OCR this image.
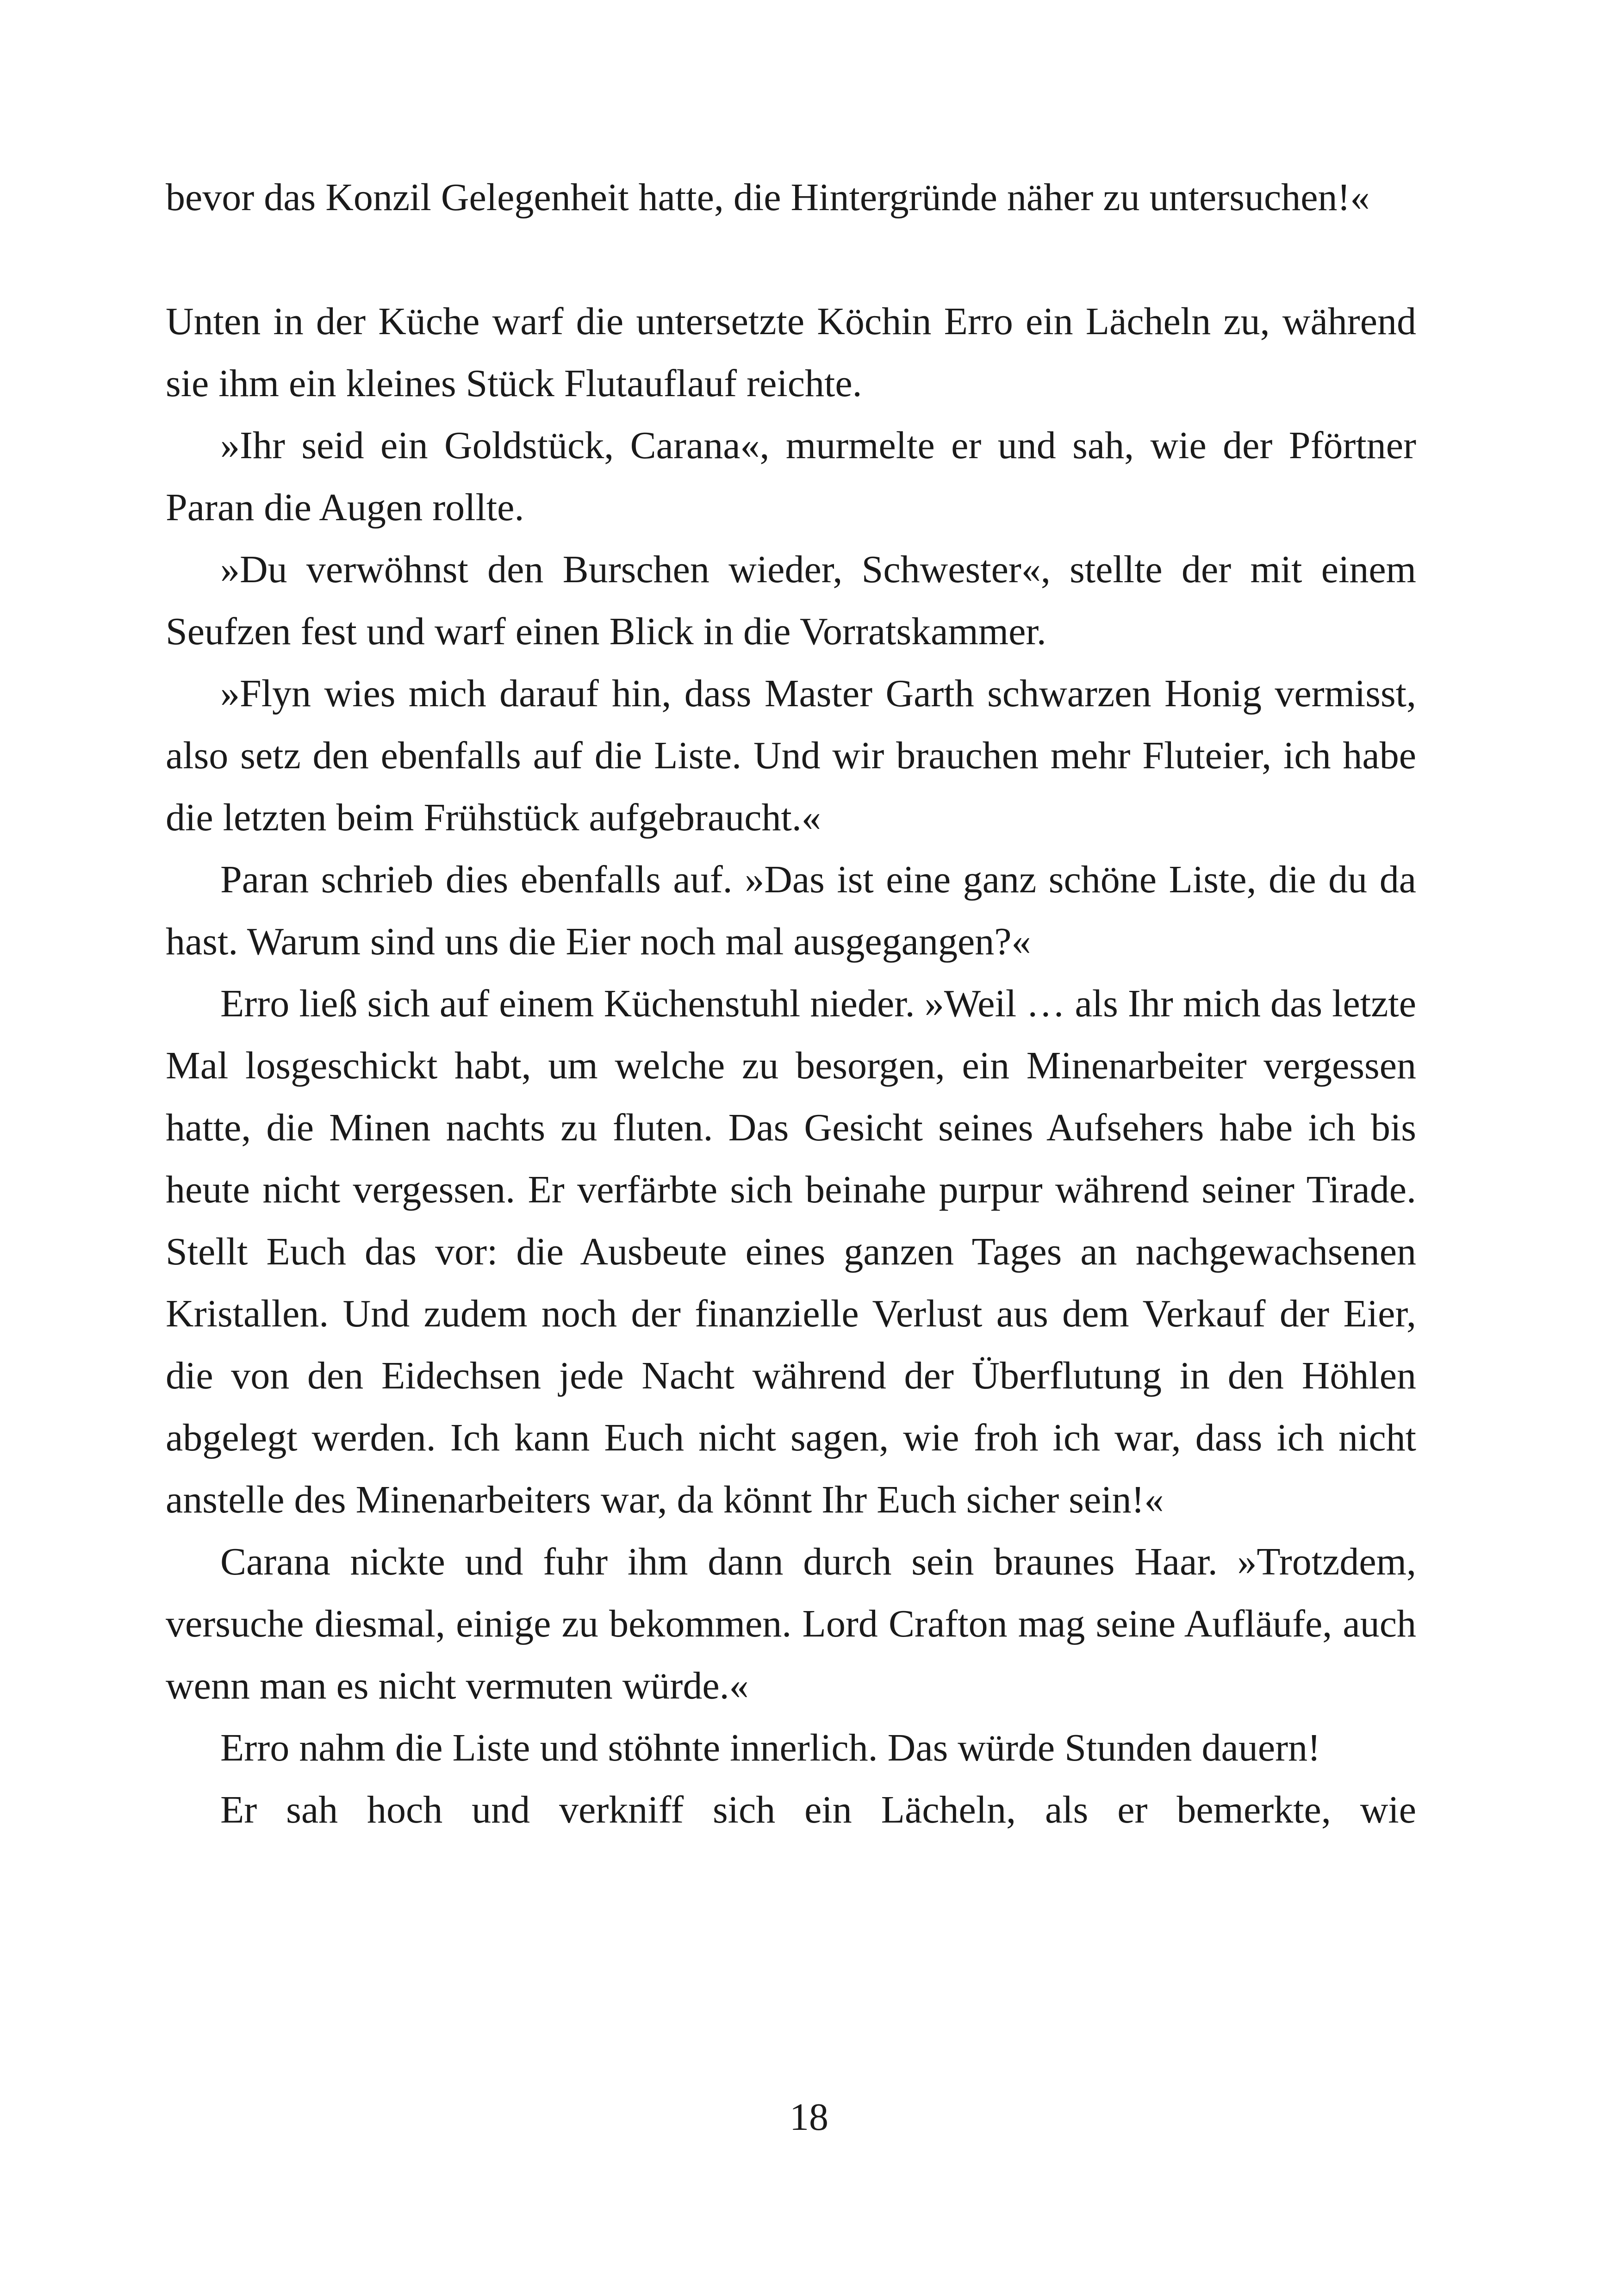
bevor das Konzil Gelegenheit hatte, die Hintergründe näher zu untersuchen!«

Unten in der Küche warf die untersetzte Köchin Erro ein Lächeln zu, während sie ihm ein kleines Stück Flutauflauf reichte.

»Ihr seid ein Goldstück, Carana«, murmelte er und sah, wie der Pförtner Paran die Augen rollte.

»Du verwöhnst den Burschen wieder, Schwester«, stellte der mit einem Seufzen fest und warf einen Blick in die Vorratskammer.

»Flyn wies mich darauf hin, dass Master Garth schwarzen Honig vermisst, also setz den ebenfalls auf die Liste. Und wir brauchen mehr Fluteier, ich habe die letzten beim Frühstück aufgebraucht.«

Paran schrieb dies ebenfalls auf. »Das ist eine ganz schöne Liste, die du da hast. Warum sind uns die Eier noch mal ausgegangen?«

Erro ließ sich auf einem Küchenstuhl nieder. »Weil … als Ihr mich das letzte Mal losgeschickt habt, um welche zu besorgen, ein Minenarbeiter vergessen hatte, die Minen nachts zu fluten. Das Gesicht seines Aufsehers habe ich bis heute nicht vergessen. Er verfärbte sich beinahe purpur während seiner Tirade. Stellt Euch das vor: die Ausbeute eines ganzen Tages an nachgewachsenen Kristallen. Und zudem noch der finanzielle Verlust aus dem Verkauf der Eier, die von den Eidechsen jede Nacht während der Überflutung in den Höhlen abgelegt werden. Ich kann Euch nicht sagen, wie froh ich war, dass ich nicht anstelle des Minenarbeiters war, da könnt Ihr Euch sicher sein!«

Carana nickte und fuhr ihm dann durch sein braunes Haar. »Trotzdem, versuche diesmal, einige zu bekommen. Lord Crafton mag seine Aufläufe, auch wenn man es nicht vermuten würde.«

Erro nahm die Liste und stöhnte innerlich. Das würde Stunden dauern!

Er sah hoch und verkniff sich ein Lächeln, als er bemerkte, wie

18
